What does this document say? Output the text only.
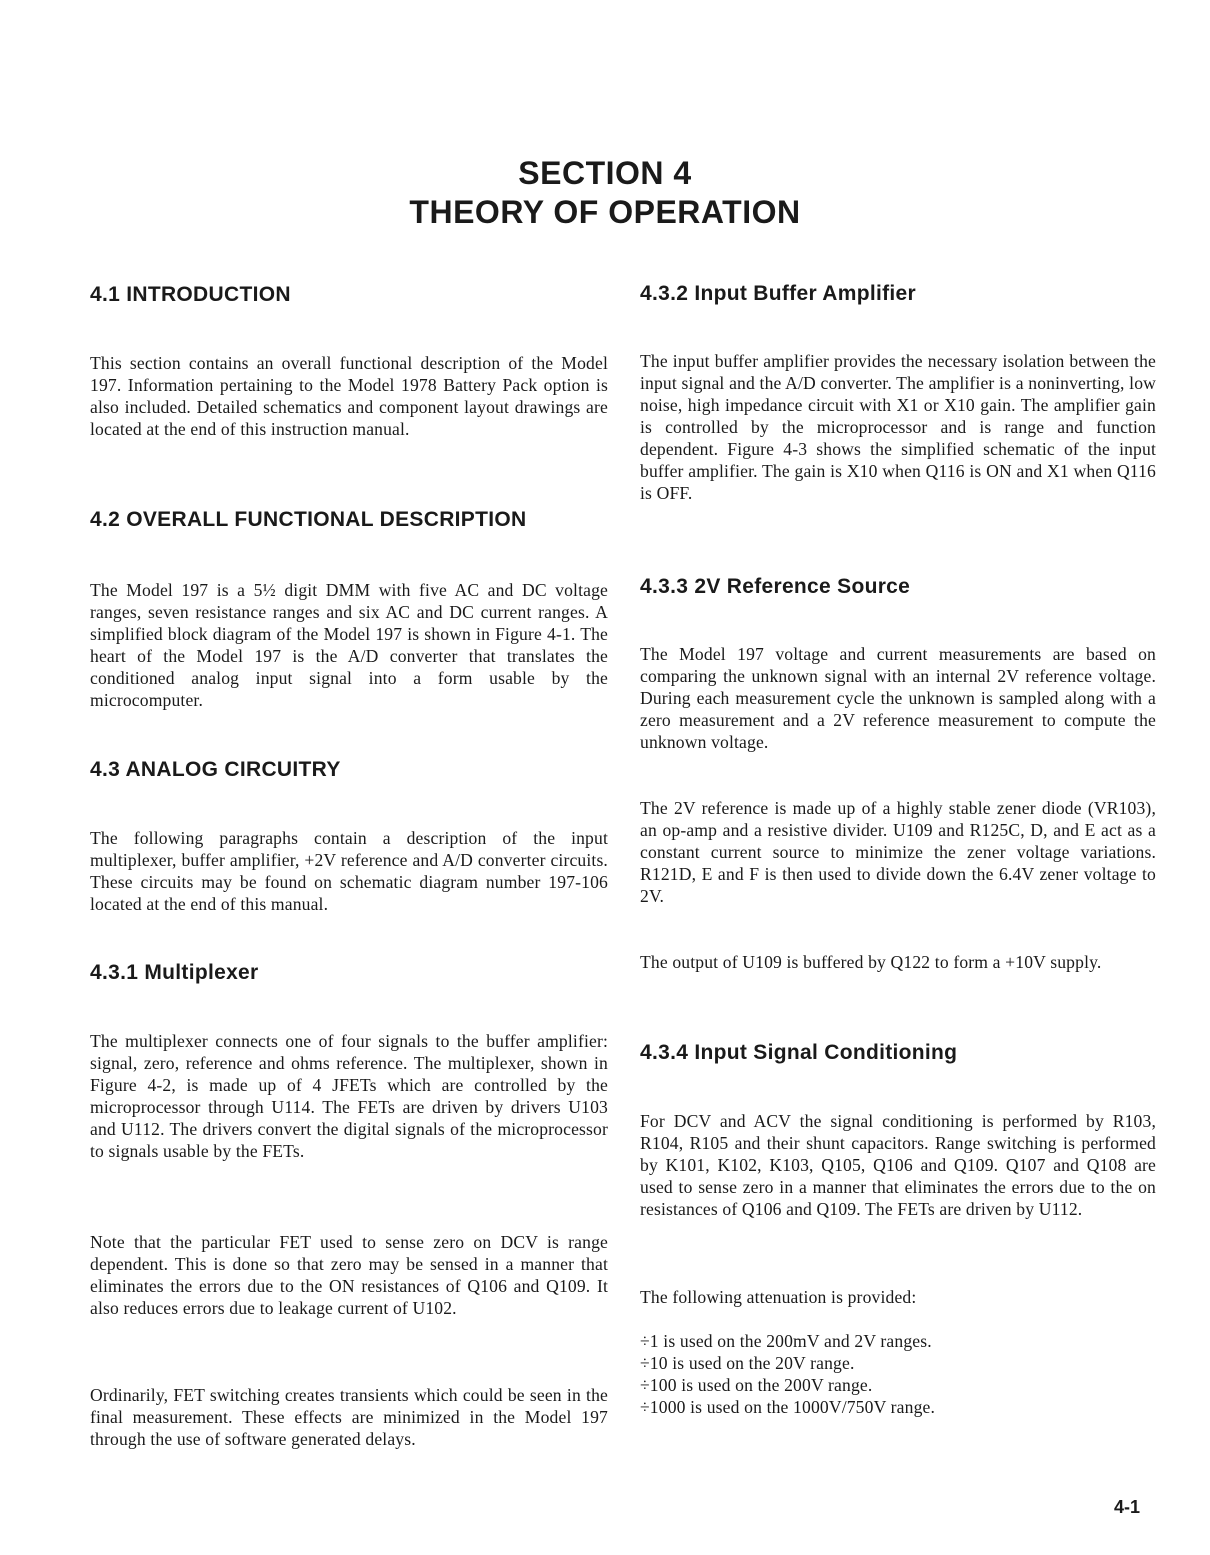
SECTION 4
THEORY OF OPERATION
4.1 INTRODUCTION

This section contains an overall functional description of the Model 197. Information pertaining to the Model 1978 Battery Pack option is also included. Detailed schematics and component layout drawings are located at the end of this instruction manual.

4.2 OVERALL FUNCTIONAL DESCRIPTION

The Model 197 is a 5½ digit DMM with five AC and DC voltage ranges, seven resistance ranges and six AC and DC current ranges. A simplified block diagram of the Model 197 is shown in Figure 4-1. The heart of the Model 197 is the A/D converter that translates the conditioned analog input signal into a form usable by the microcomputer.

4.3 ANALOG CIRCUITRY

The following paragraphs contain a description of the input multiplexer, buffer amplifier, +2V reference and A/D converter circuits. These circuits may be found on schematic diagram number 197-106 located at the end of this manual.

4.3.1 Multiplexer

The multiplexer connects one of four signals to the buffer amplifier: signal, zero, reference and ohms reference. The multiplexer, shown in Figure 4-2, is made up of 4 JFETs which are controlled by the microprocessor through U114. The FETs are driven by drivers U103 and U112. The drivers convert the digital signals of the microprocessor to signals usable by the FETs.

Note that the particular FET used to sense zero on DCV is range dependent. This is done so that zero may be sensed in a manner that eliminates the errors due to the ON resistances of Q106 and Q109. It also reduces errors due to leakage current of U102.

Ordinarily, FET switching creates transients which could be seen in the final measurement. These effects are minimized in the Model 197 through the use of software generated delays.

4.3.2 Input Buffer Amplifier

The input buffer amplifier provides the necessary isolation between the input signal and the A/D converter. The amplifier is a noninverting, low noise, high impedance circuit with X1 or X10 gain. The amplifier gain is controlled by the microprocessor and is range and function dependent. Figure 4-3 shows the simplified schematic of the input buffer amplifier. The gain is X10 when Q116 is ON and X1 when Q116 is OFF.

4.3.3 2V Reference Source

The Model 197 voltage and current measurements are based on comparing the unknown signal with an internal 2V reference voltage. During each measurement cycle the unknown is sampled along with a zero measurement and a 2V reference measurement to compute the unknown voltage.

The 2V reference is made up of a highly stable zener diode (VR103), an op-amp and a resistive divider. U109 and R125C, D, and E act as a constant current source to minimize the zener voltage variations. R121D, E and F is then used to divide down the 6.4V zener voltage to 2V.

The output of U109 is buffered by Q122 to form a +10V supply.

4.3.4 Input Signal Conditioning

For DCV and ACV the signal conditioning is performed by R103, R104, R105 and their shunt capacitors. Range switching is performed by K101, K102, K103, Q105, Q106 and Q109. Q107 and Q108 are used to sense zero in a manner that eliminates the errors due to the on resistances of Q106 and Q109. The FETs are driven by U112.

The following attenuation is provided:

÷1 is used on the 200mV and 2V ranges.
÷10 is used on the 20V range.
÷100 is used on the 200V range.
÷1000 is used on the 1000V/750V range.
4-1
